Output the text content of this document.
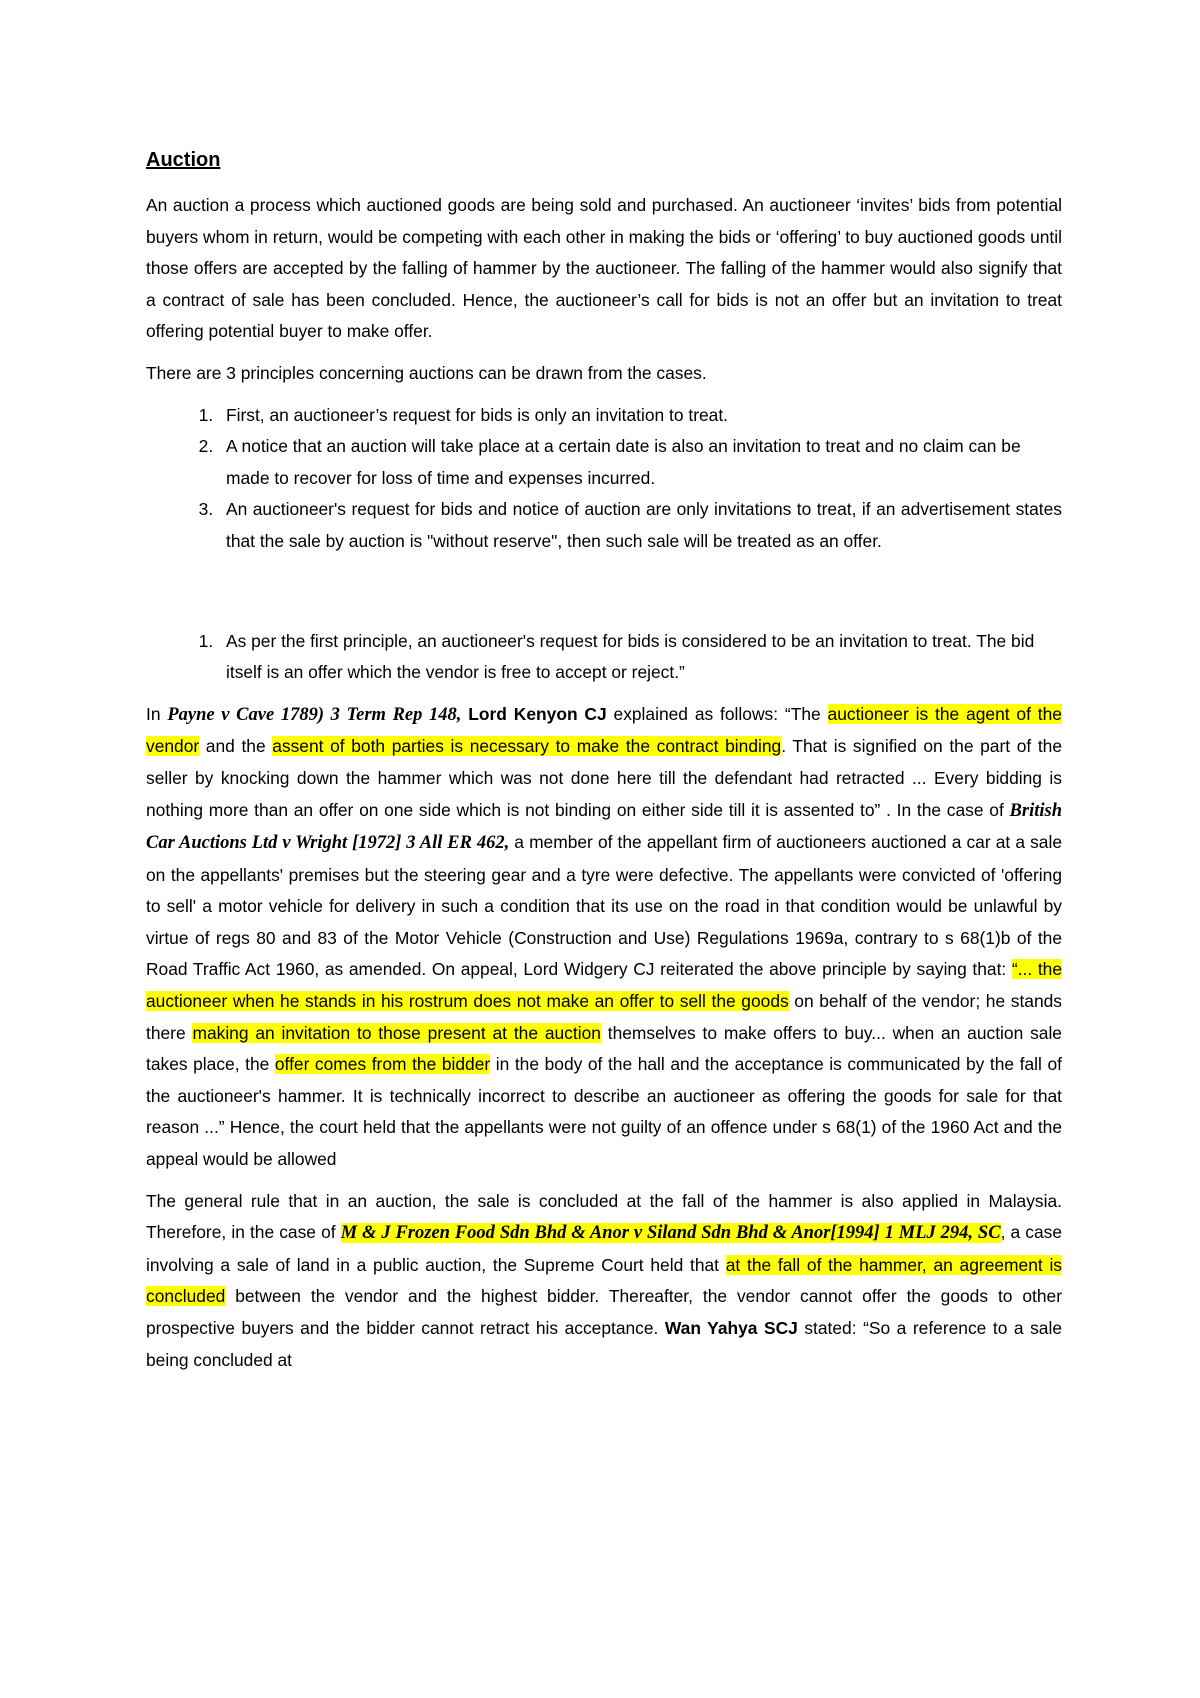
Auction

An auction a process which auctioned goods are being sold and purchased. An auctioneer ‘invites’ bids from potential buyers whom in return, would be competing with each other in making the bids or ‘offering’ to buy auctioned goods until those offers are accepted by the falling of hammer by the auctioneer. The falling of the hammer would also signify that a contract of sale has been concluded. Hence, the auctioneer’s call for bids is not an offer but an invitation to treat offering potential buyer to make offer.

There are 3 principles concerning auctions can be drawn from the cases.

1. First, an auctioneer’s request for bids is only an invitation to treat.
2. A notice that an auction will take place at a certain date is also an invitation to treat and no claim can be made to recover for loss of time and expenses incurred.
3. An auctioneer's request for bids and notice of auction are only invitations to treat, if an advertisement states that the sale by auction is "without reserve", then such sale will be treated as an offer.
1. As per the first principle, an auctioneer's request for bids is considered to be an invitation to treat. The bid itself is an offer which the vendor is free to accept or reject.”

In Payne v Cave 1789) 3 Term Rep 148, Lord Kenyon CJ explained as follows: “The auctioneer is the agent of the vendor and the assent of both parties is necessary to make the contract binding. That is signified on the part of the seller by knocking down the hammer which was not done here till the defendant had retracted ... Every bidding is nothing more than an offer on one side which is not binding on either side till it is assented to” . In the case of British Car Auctions Ltd v Wright [1972] 3 All ER 462, a member of the appellant firm of auctioneers auctioned a car at a sale on the appellants' premises but the steering gear and a tyre were defective. The appellants were convicted of 'offering to sell' a motor vehicle for delivery in such a condition that its use on the road in that condition would be unlawful by virtue of regs 80 and 83 of the Motor Vehicle (Construction and Use) Regulations 1969a, contrary to s 68(1)b of the Road Traffic Act 1960, as amended. On appeal, Lord Widgery CJ reiterated the above principle by saying that: “... the auctioneer when he stands in his rostrum does not make an offer to sell the goods on behalf of the vendor; he stands there making an invitation to those present at the auction themselves to make offers to buy... when an auction sale takes place, the offer comes from the bidder in the body of the hall and the acceptance is communicated by the fall of the auctioneer's hammer. It is technically incorrect to describe an auctioneer as offering the goods for sale for that reason ...” Hence, the court held that the appellants were not guilty of an offence under s 68(1) of the 1960 Act and the appeal would be allowed

The general rule that in an auction, the sale is concluded at the fall of the hammer is also applied in Malaysia. Therefore, in the case of M & J Frozen Food Sdn Bhd & Anor v Siland Sdn Bhd & Anor[1994] 1 MLJ 294, SC, a case involving a sale of land in a public auction, the Supreme Court held that at the fall of the hammer, an agreement is concluded between the vendor and the highest bidder. Thereafter, the vendor cannot offer the goods to other prospective buyers and the bidder cannot retract his acceptance. Wan Yahya SCJ stated: “So a reference to a sale being concluded at
